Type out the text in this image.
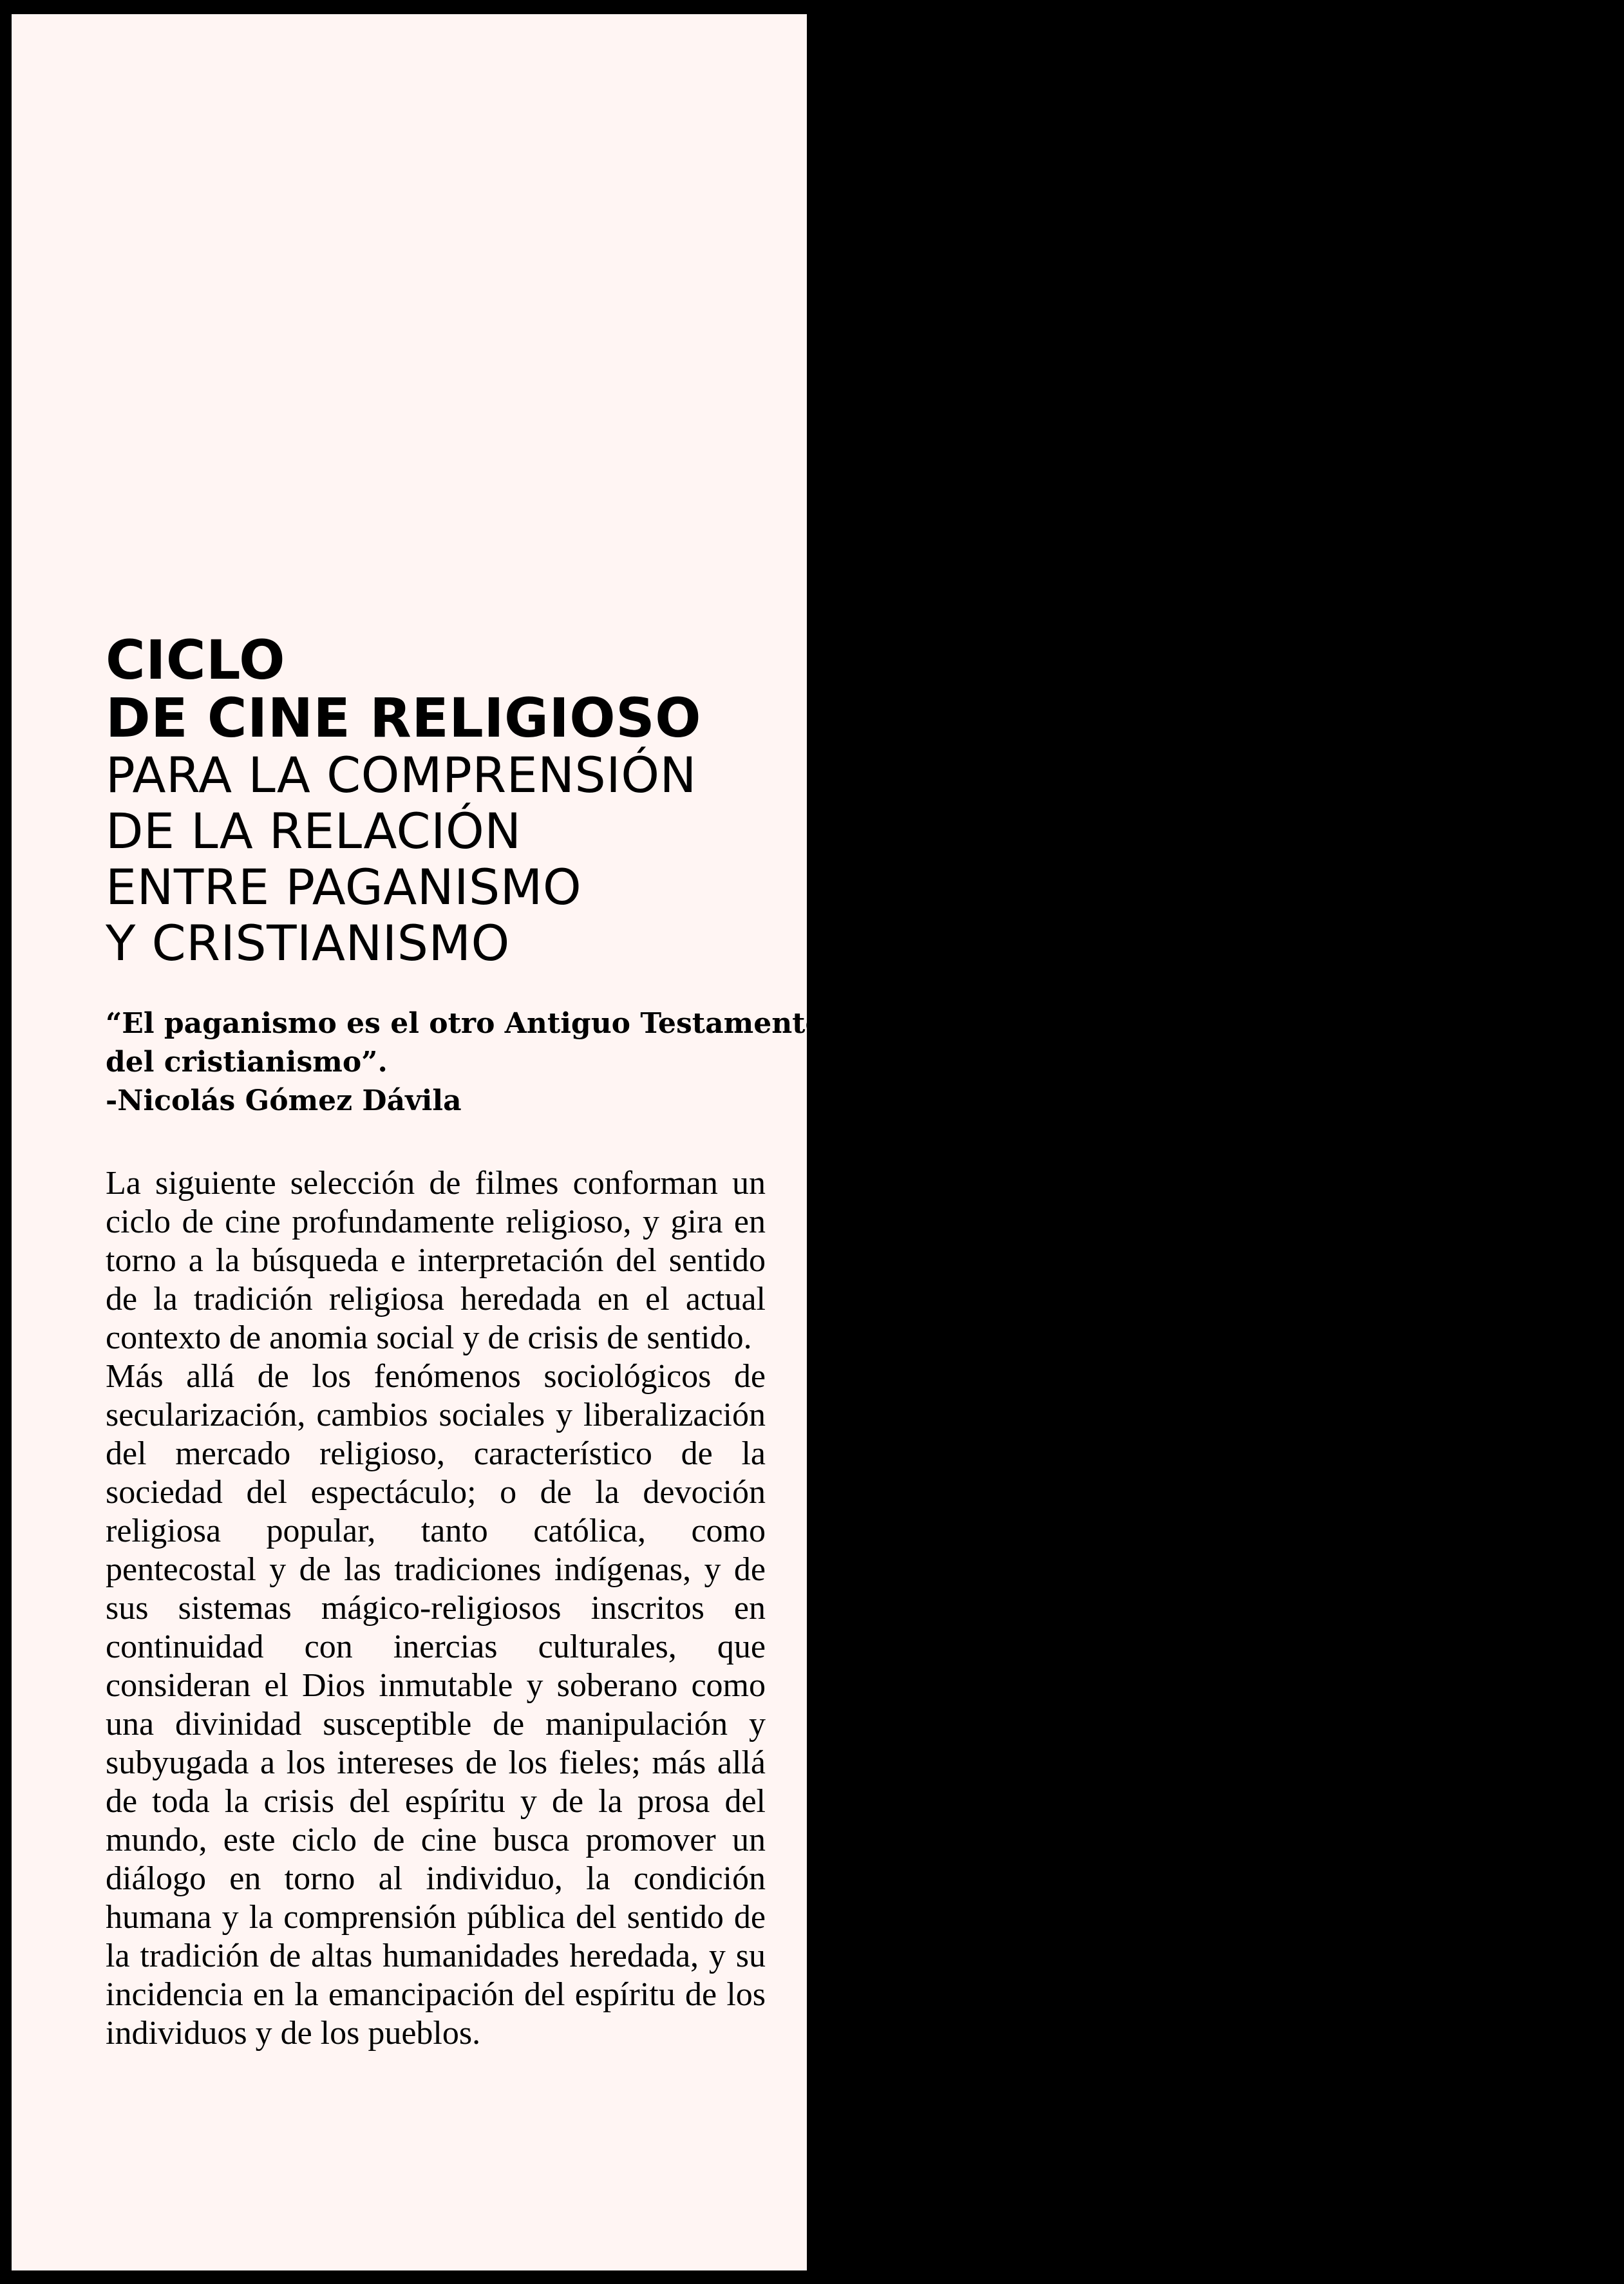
CICLO
DE CINE RELIGIOSO
PARA LA COMPRENSIÓN
DE LA RELACIÓN
ENTRE PAGANISMO
Y CRISTIANISMO
“El paganismo es el otro Antiguo Testamento
del cristianismo”.
-Nicolás Gómez Dávila

La siguiente selección de filmes conforman un ciclo de cine profundamente religioso, y gira en torno a la búsqueda e interpretación del sentido de la tradición religiosa heredada en el actual contexto de anomia social y de crisis de sentido.

Más allá de los fenómenos sociológicos de secularización, cambios sociales y liberalización del mercado religioso, característico de la sociedad del espectáculo; o de la devoción religiosa popular, tanto católica, como pentecostal y de las tradiciones indígenas, y de sus sistemas mágico-religiosos inscritos en continuidad con inercias culturales, que consideran el Dios inmutable y soberano como una divinidad susceptible de manipulación y subyugada a los intereses de los fieles; más allá de toda la crisis del espíritu y de la prosa del mundo, este ciclo de cine busca promover un diálogo en torno al individuo, la condición humana y la comprensión pública del sentido de la tradición de altas humanidades heredada, y su incidencia en la emancipación del espíritu de los individuos y de los pueblos.
